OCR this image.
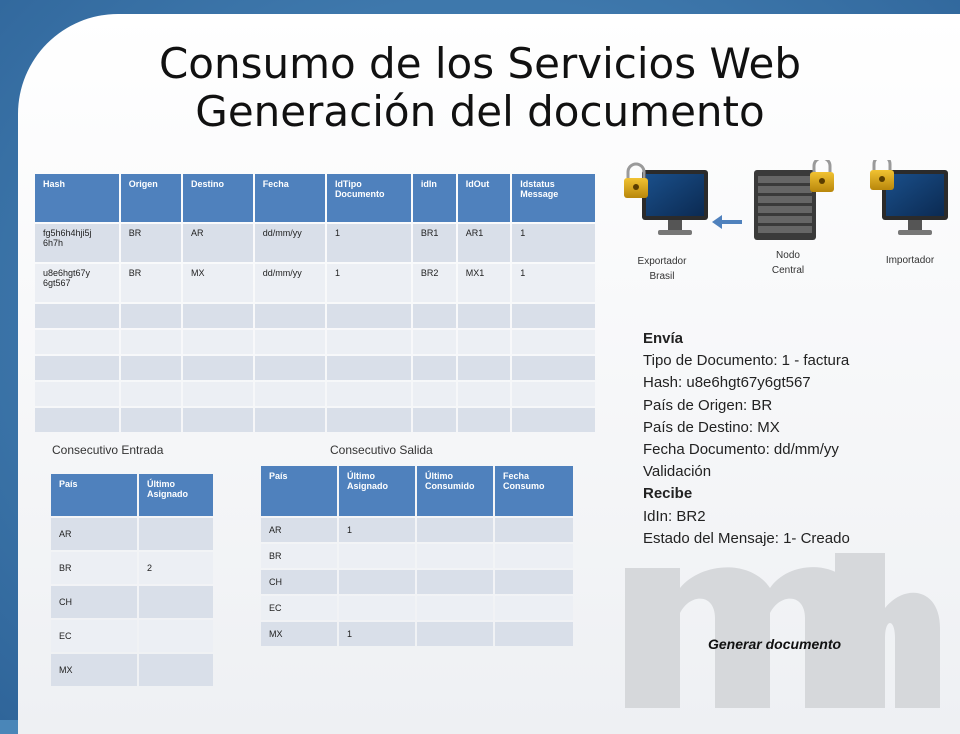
Consumo de los Servicios Web
Generación del documento
Hash	Origen	Destino	Fecha	IdTipo Documento	idIn	IdOut	Idstatus Message
fg5h6h4hji5j 6h7h	BR	AR	dd/mm/yy	1	BR1	AR1	1
u8e6hgt67y 6gt567	BR	MX	dd/mm/yy	1	BR2	MX1	1

Consecutivo Entrada	Consecutivo Salida
País	Último Asignado
AR	
BR	2
CH	
EC	
MX	
País	Último Asignado	Último Consumido	Fecha Consumo
AR	1		
BR			
CH			
EC			
MX	1		
Exportador Brasil
Nodo Central
Importador
Envía
Tipo de Documento: 1 - factura
Hash: u8e6hgt67y6gt567
País de Origen: BR
País de Destino: MX
Fecha Documento: dd/mm/yy
Validación
Recibe
IdIn: BR2
Estado del Mensaje: 1- Creado
Generar documento
